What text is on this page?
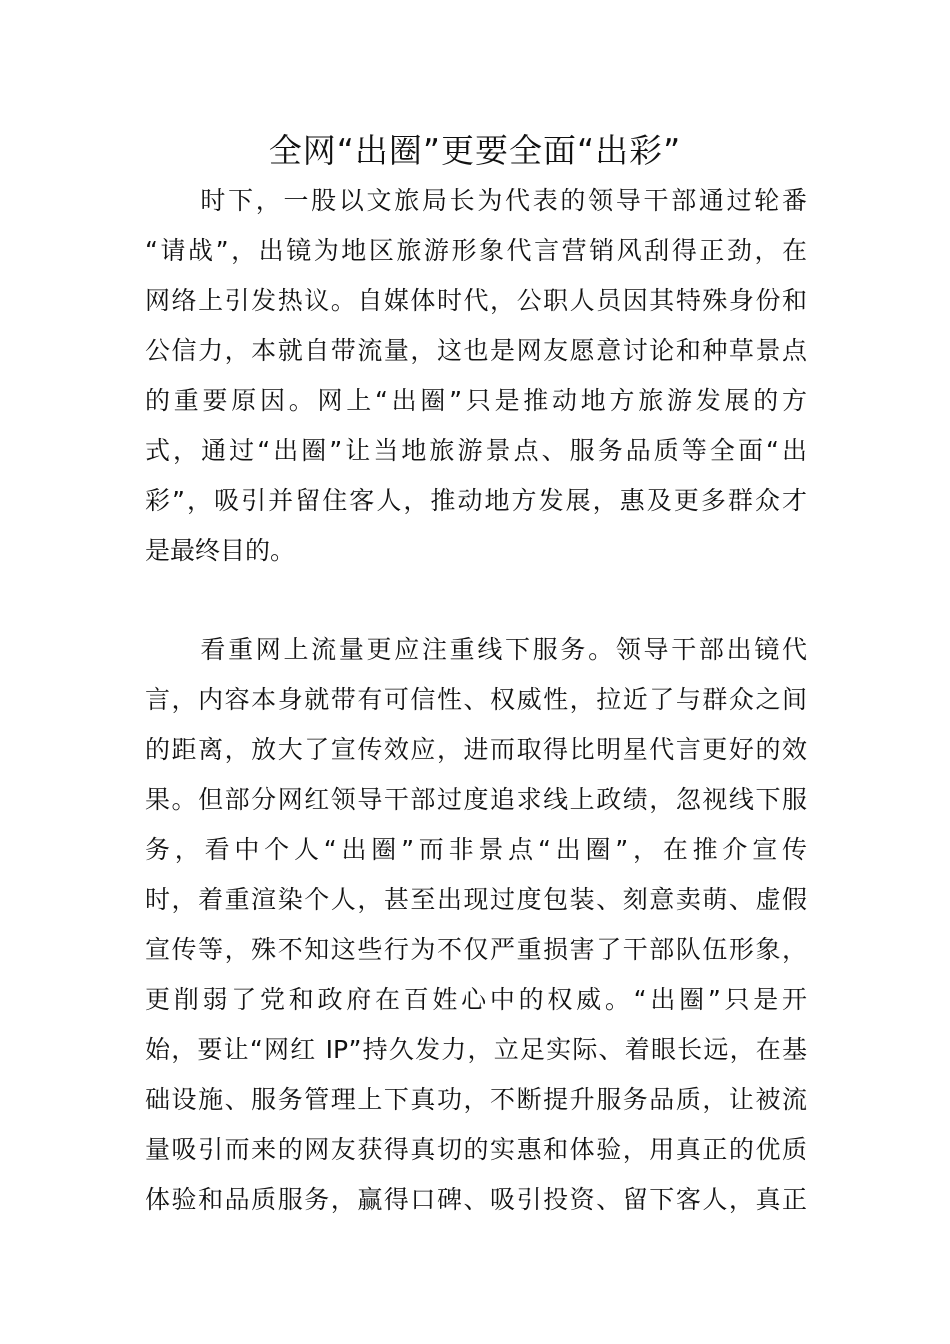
全网“出圈”更要全面“出彩”
　　时下，一股以文旅局长为代表的领导干部通过轮番
“请战”，出镜为地区旅游形象代言营销风刮得正劲，在
网络上引发热议。自媒体时代，公职人员因其特殊身份和
公信力，本就自带流量，这也是网友愿意讨论和种草景点
的重要原因。网上“出圈”只是推动地方旅游发展的方
式，通过“出圈”让当地旅游景点、服务品质等全面“出
彩”，吸引并留住客人，推动地方发展，惠及更多群众才
是最终目的。
　　看重网上流量更应注重线下服务。领导干部出镜代
言，内容本身就带有可信性、权威性，拉近了与群众之间
的距离，放大了宣传效应，进而取得比明星代言更好的效
果。但部分网红领导干部过度追求线上政绩，忽视线下服
务，看中个人“出圈”而非景点“出圈”，在推介宣传
时，着重渲染个人，甚至出现过度包装、刻意卖萌、虚假
宣传等，殊不知这些行为不仅严重损害了干部队伍形象，
更削弱了党和政府在百姓心中的权威。“出圈”只是开
始，要让“网红 IP”持久发力，立足实际、着眼长远，在基
础设施、服务管理上下真功，不断提升服务品质，让被流
量吸引而来的网友获得真切的实惠和体验，用真正的优质
体验和品质服务，赢得口碑、吸引投资、留下客人，真正
